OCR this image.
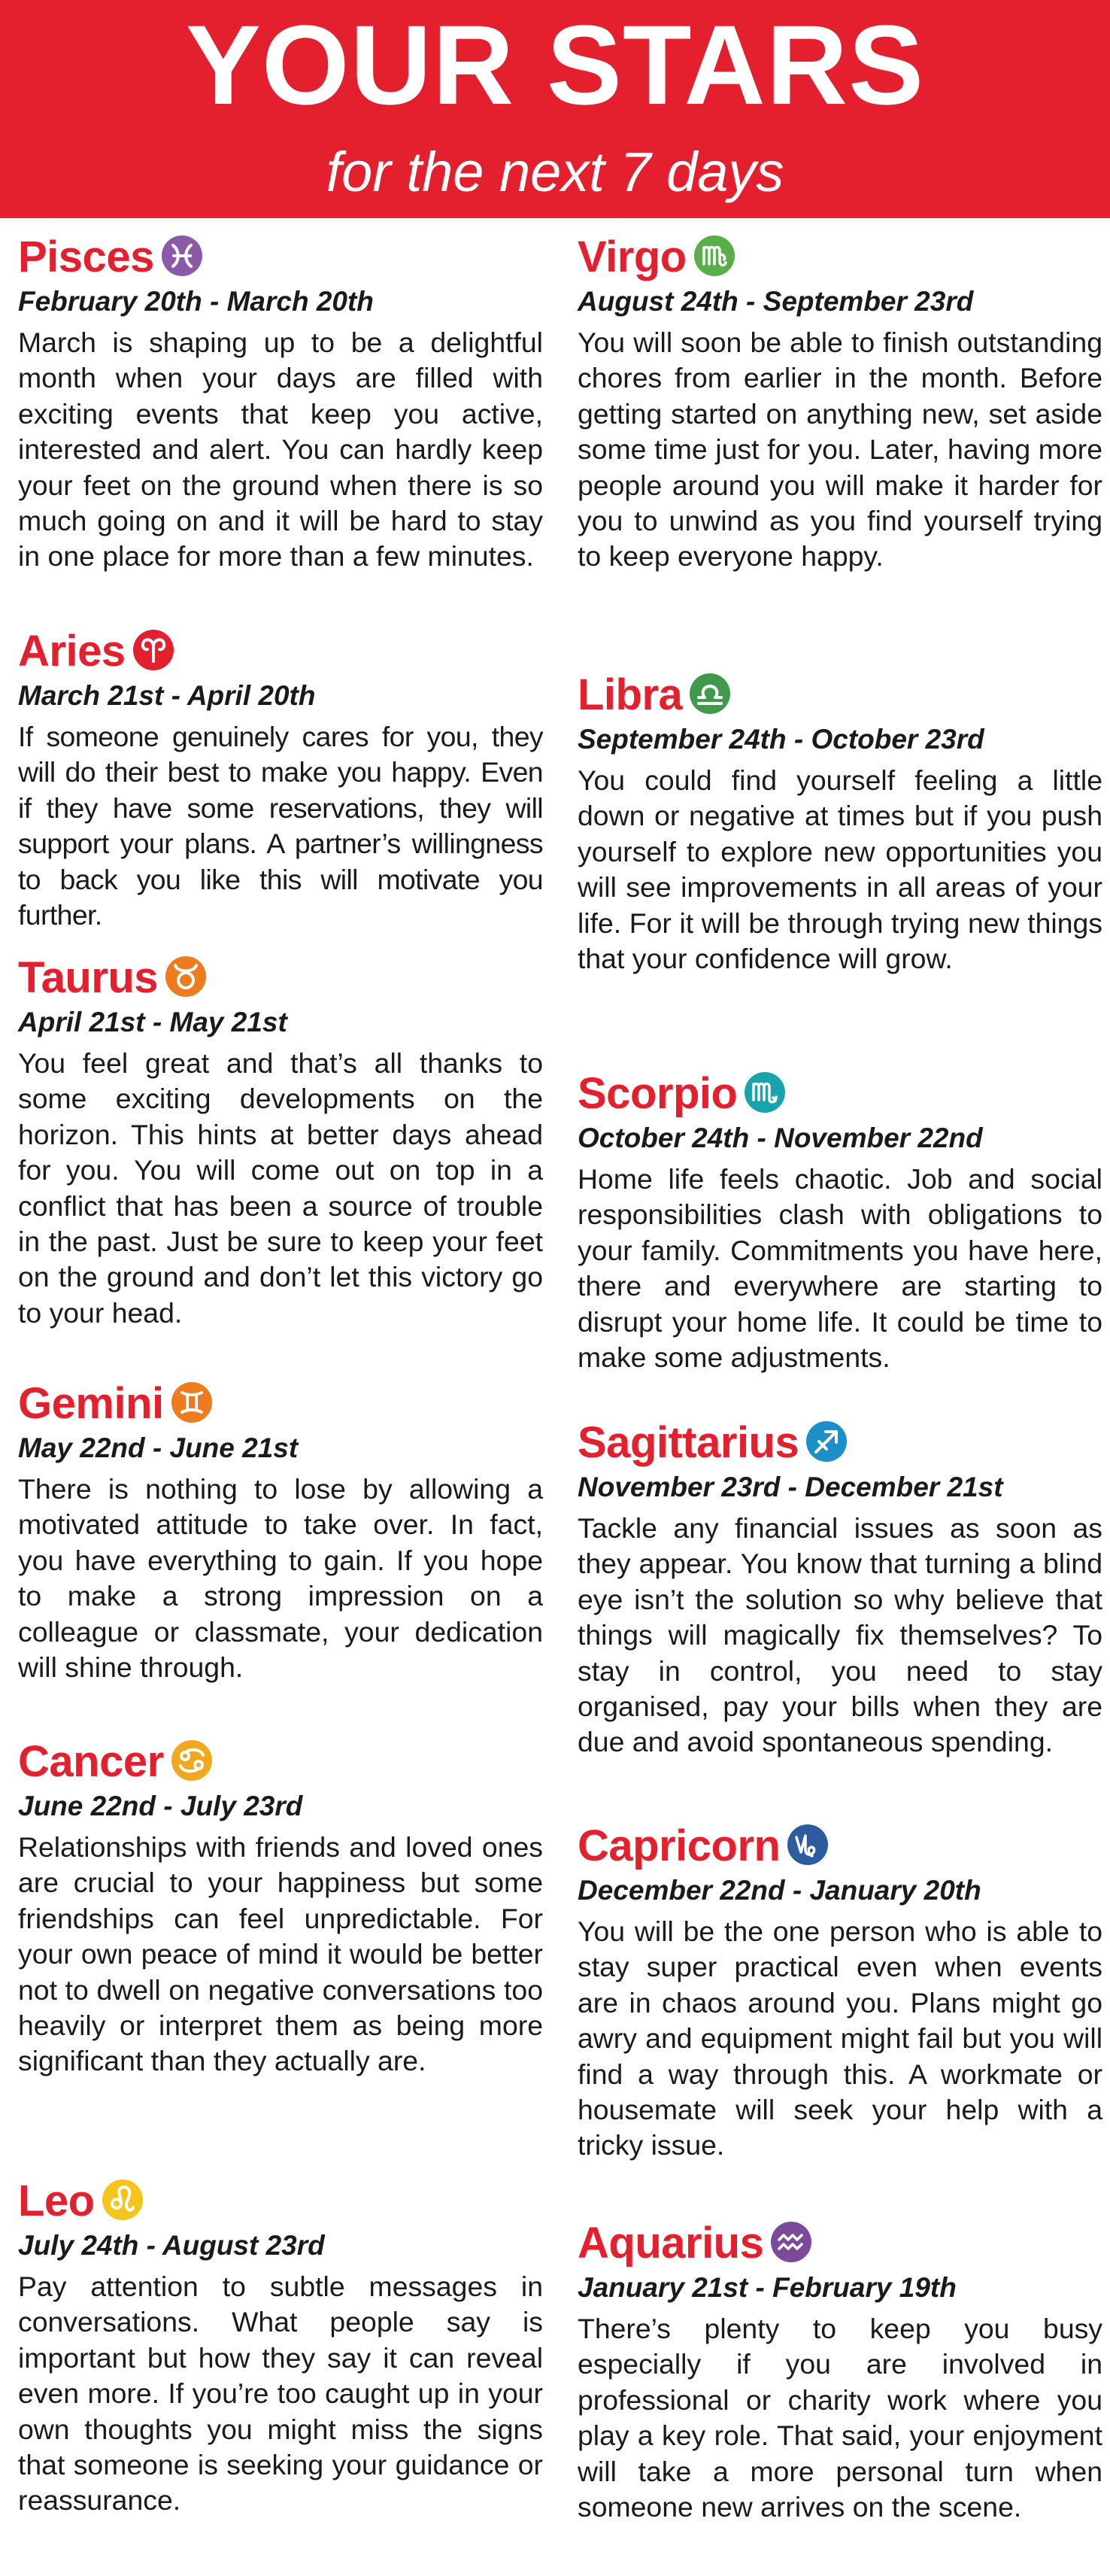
YOUR STARS
for the next 7 days
Pisces
February 20th - March 20th
March is shaping up to be a delightful month when your days are filled with exciting events that keep you active, interested and alert. You can hardly keep your feet on the ground when there is so much going on and it will be hard to stay in one place for more than a few minutes.
Aries
March 21st - April 20th
If someone genuinely cares for you, they will do their best to make you happy. Even if they have some reservations, they will support your plans. A partner’s willingness to back you like this will motivate you further.
Taurus
April 21st - May 21st
You feel great and that’s all thanks to some exciting developments on the horizon. This hints at better days ahead for you. You will come out on top in a conflict that has been a source of trouble in the past. Just be sure to keep your feet on the ground and don’t let this victory go to your head.
Gemini
May 22nd - June 21st
There is nothing to lose by allowing a motivated attitude to take over. In fact, you have everything to gain. If you hope to make a strong impression on a colleague or classmate, your dedication will shine through.
Cancer
June 22nd - July 23rd
Relationships with friends and loved ones are crucial to your happiness but some friendships can feel unpredictable. For your own peace of mind it would be better not to dwell on negative conversations too heavily or interpret them as being more significant than they actually are.
Leo
July 24th - August 23rd
Pay attention to subtle messages in conversations. What people say is important but how they say it can reveal even more. If you’re too caught up in your own thoughts you might miss the signs that someone is seeking your guidance or reassurance.
Virgo
August 24th - September 23rd
You will soon be able to finish outstanding chores from earlier in the month. Before getting started on anything new, set aside some time just for you. Later, having more people around you will make it harder for you to unwind as you find yourself trying to keep everyone happy.
Libra
September 24th - October 23rd
You could find yourself feeling a little down or negative at times but if you push yourself to explore new opportunities you will see improvements in all areas of your life. For it will be through trying new things that your confidence will grow.
Scorpio
October 24th - November 22nd
Home life feels chaotic. Job and social responsibilities clash with obligations to your family. Commitments you have here, there and everywhere are starting to disrupt your home life. It could be time to make some adjustments.
Sagittarius
November 23rd - December 21st
Tackle any financial issues as soon as they appear. You know that turning a blind eye isn’t the solution so why believe that things will magically fix themselves? To stay in control, you need to stay organised, pay your bills when they are due and avoid spontaneous spending.
Capricorn
December 22nd - January 20th
You will be the one person who is able to stay super practical even when events are in chaos around you. Plans might go awry and equipment might fail but you will find a way through this. A workmate or housemate will seek your help with a tricky issue.
Aquarius
January 21st - February 19th
There’s plenty to keep you busy especially if you are involved in professional or charity work where you play a key role. That said, your enjoyment will take a more personal turn when someone new arrives on the scene.
